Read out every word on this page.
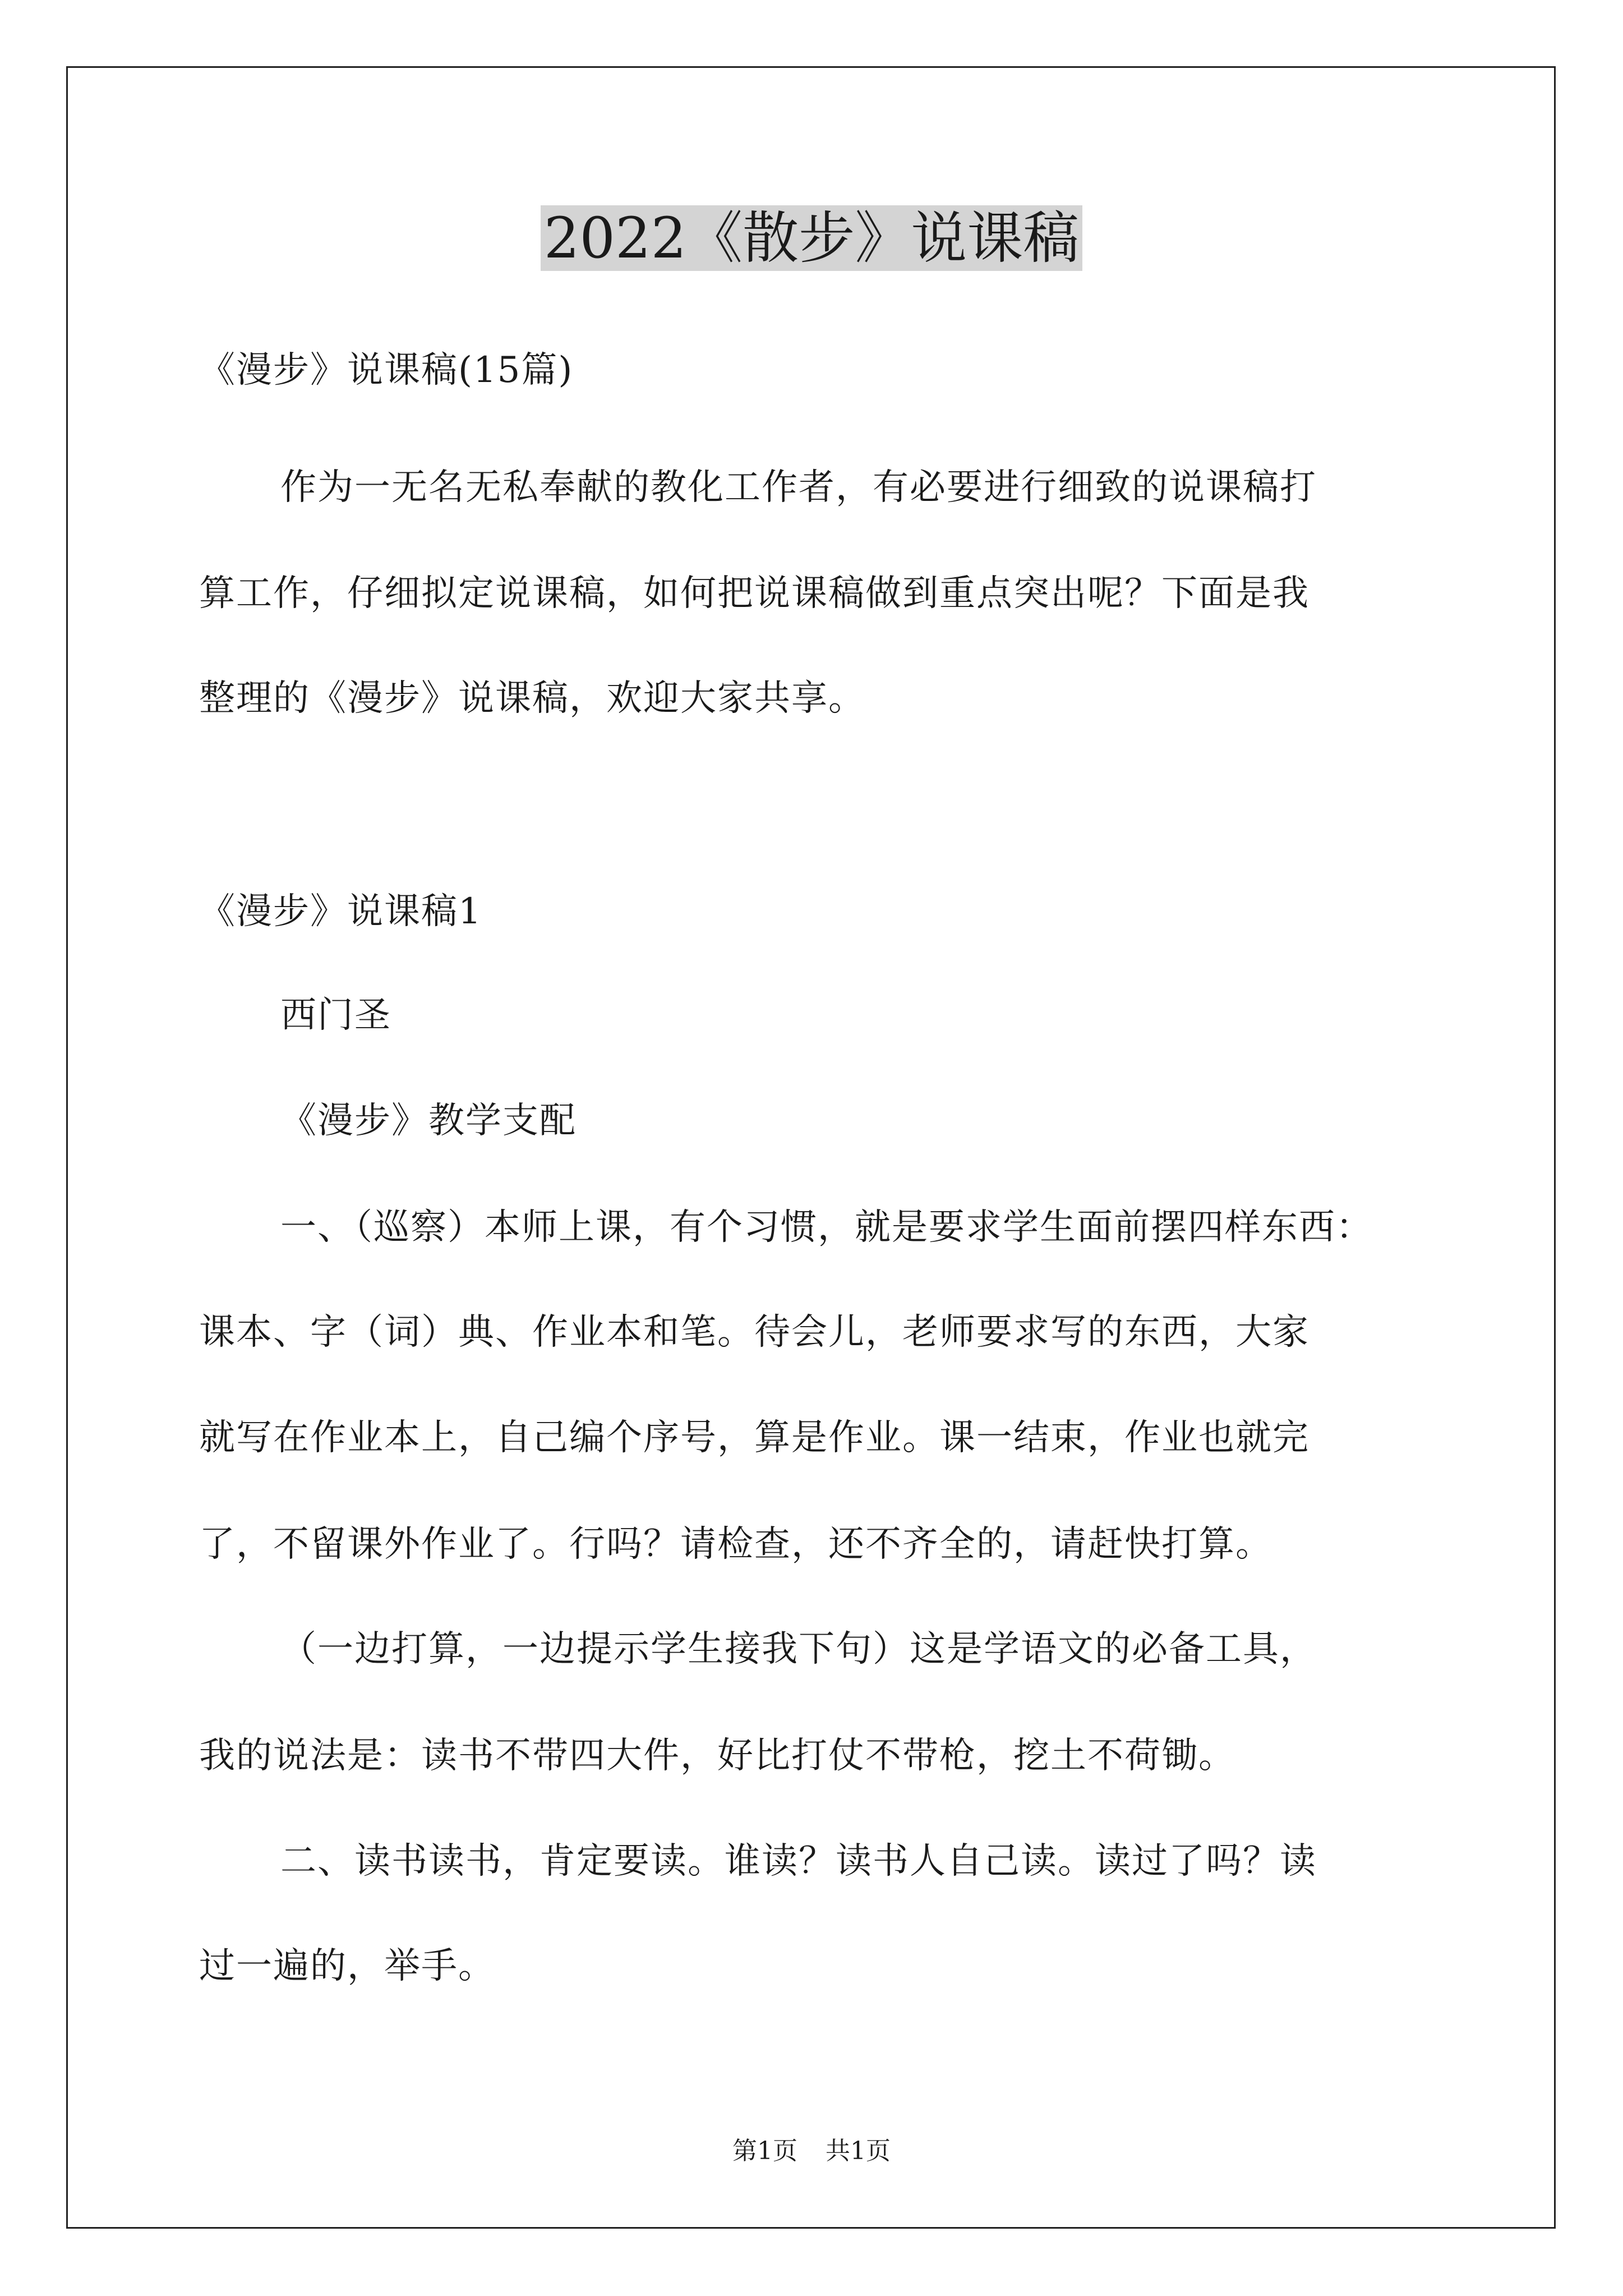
2022《散步》说课稿
《漫步》说课稿(15篇)
作为一无名无私奉献的教化工作者，有必要进行细致的说课稿打
算工作，仔细拟定说课稿，如何把说课稿做到重点突出呢？下面是我
整理的《漫步》说课稿，欢迎大家共享。
《漫步》说课稿1
西门圣
《漫步》教学支配
一、（巡察）本师上课，有个习惯，就是要求学生面前摆四样东西：
课本、字（词）典、作业本和笔。待会儿，老师要求写的东西，大家
就写在作业本上，自己编个序号，算是作业。课一结束，作业也就完
了，不留课外作业了。行吗？请检查，还不齐全的，请赶快打算。
（一边打算，一边提示学生接我下句）这是学语文的必备工具，
我的说法是：读书不带四大件，好比打仗不带枪，挖土不荷锄。
二、读书读书，肯定要读。谁读？读书人自己读。读过了吗？读
过一遍的，举手。
第1页 共1页
